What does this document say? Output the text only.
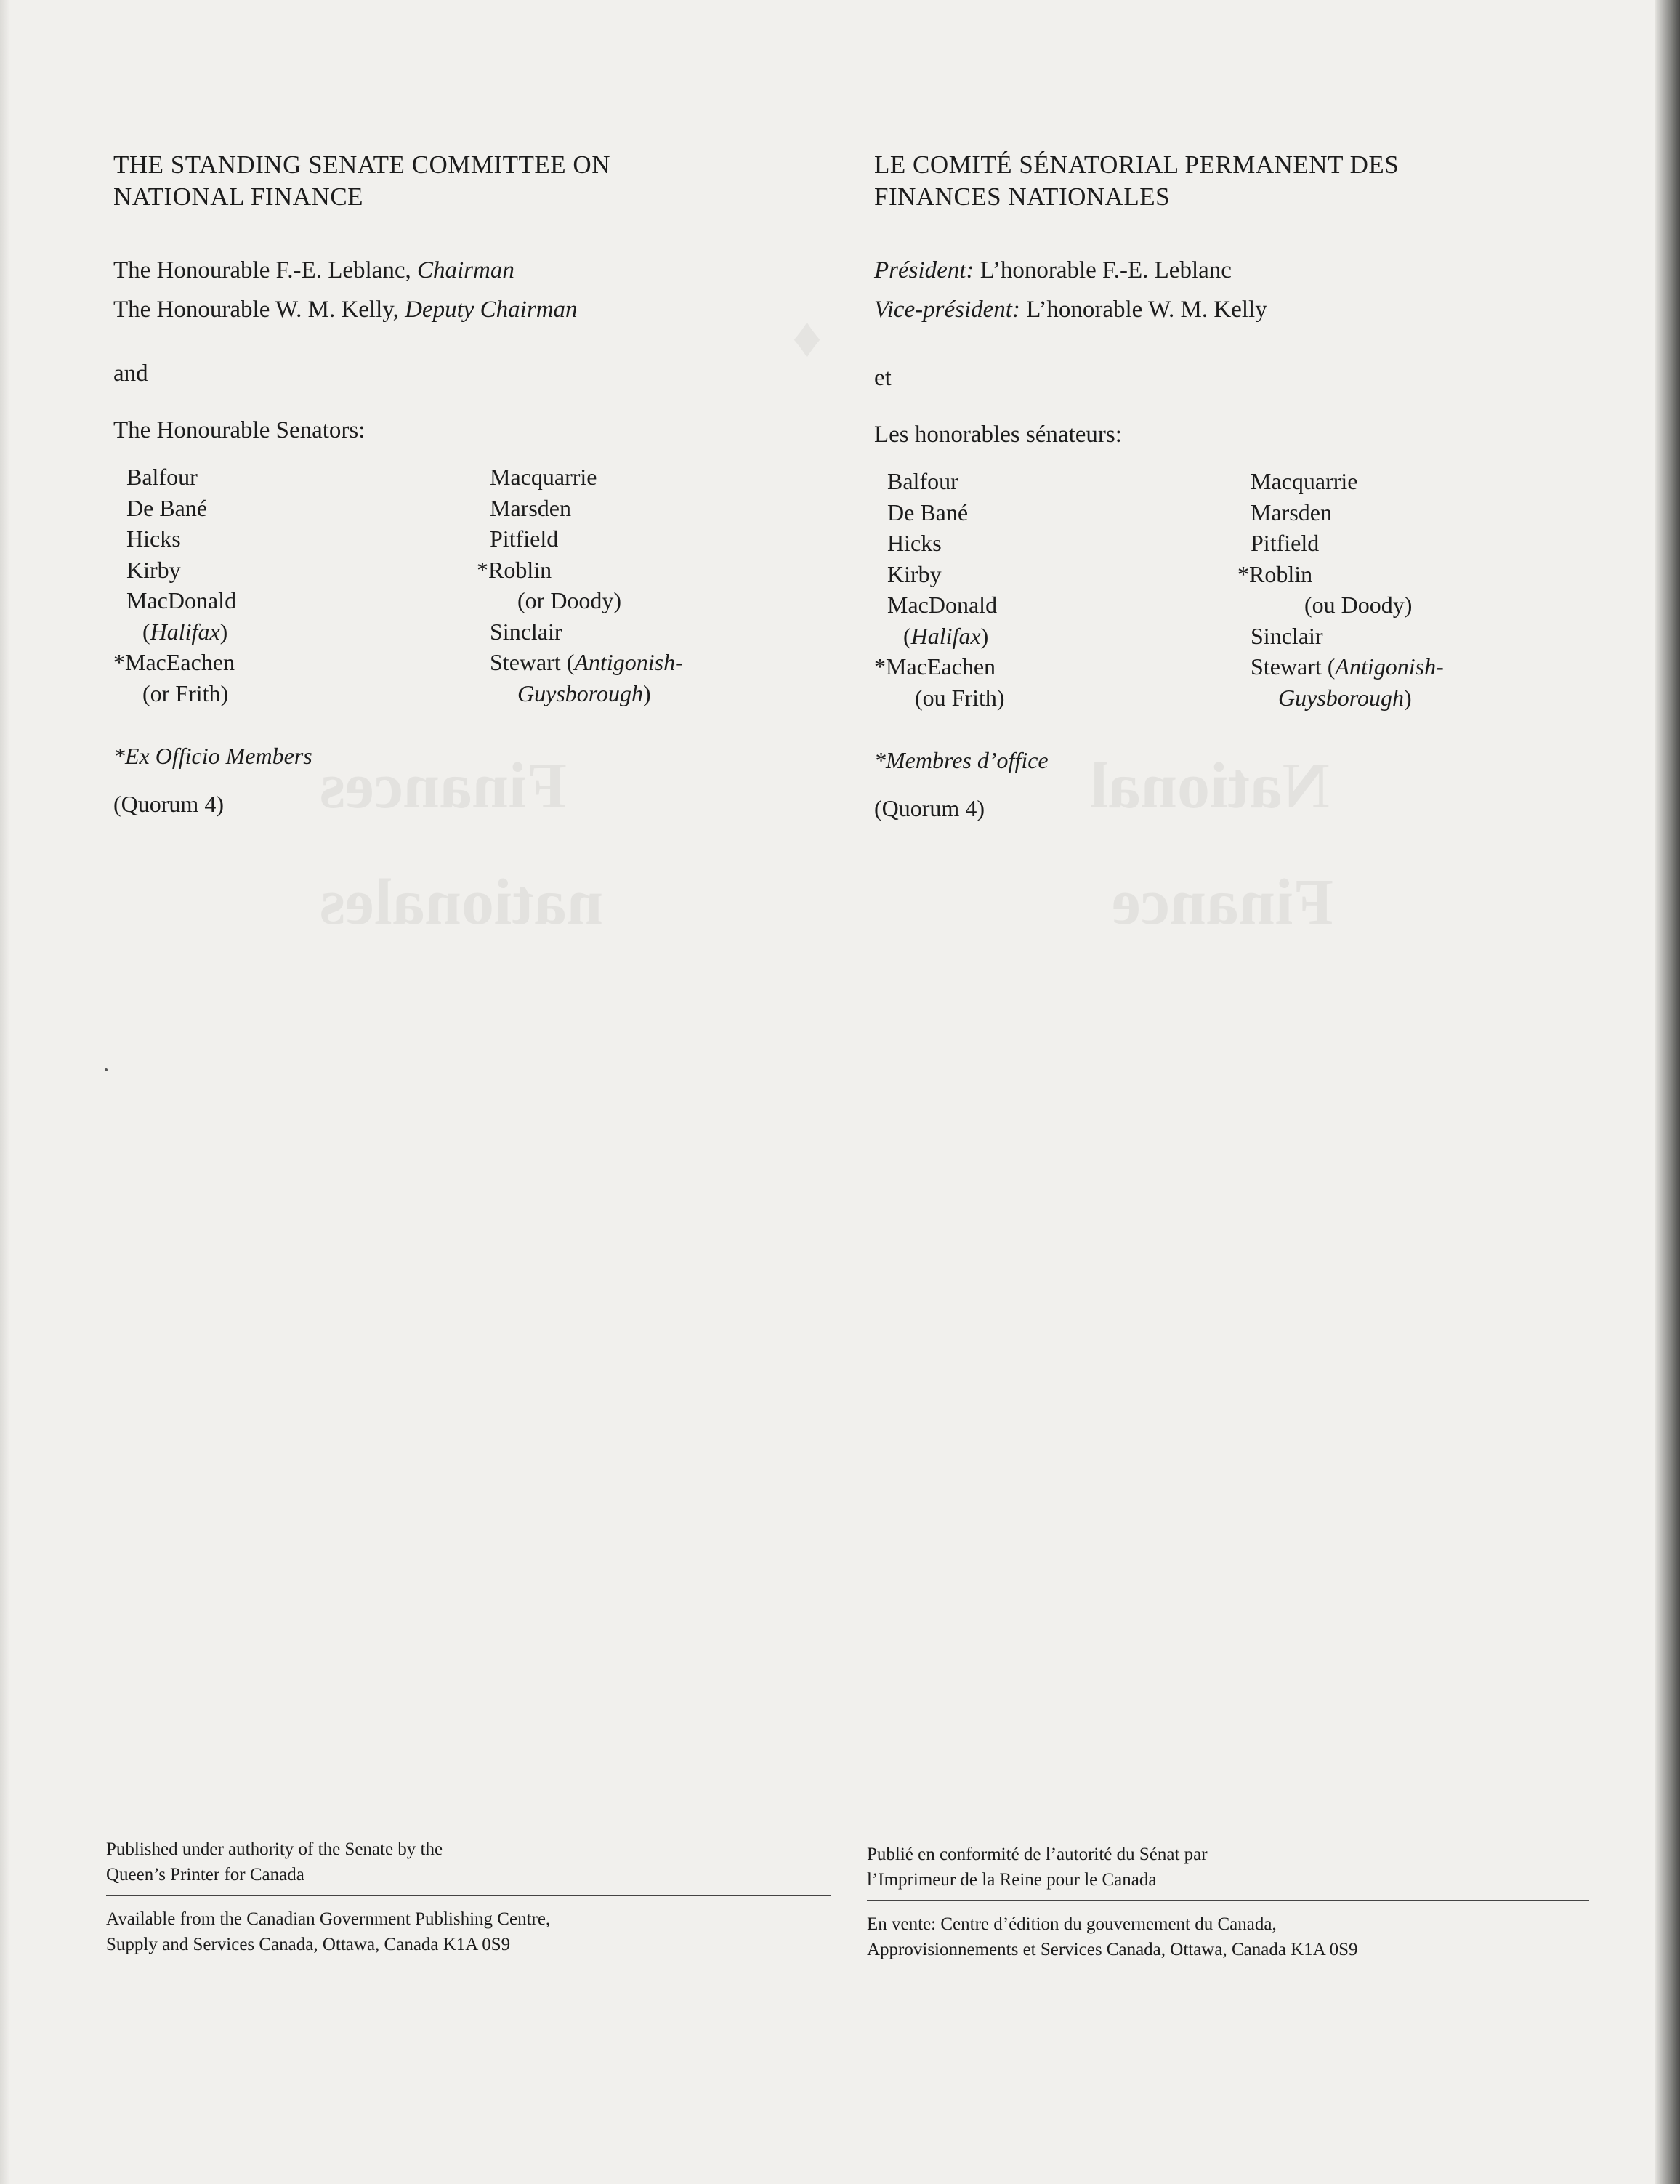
National
Finance
Finances
nationales
♦
THE STANDING SENATE COMMITTEE ON
NATIONAL FINANCE
The Honourable F.-E. Leblanc, Chairman
The Honourable W. M. Kelly, Deputy Chairman
and
The Honourable Senators:
Balfour
De Bané
Hicks
Kirby
MacDonald
(Halifax)
*MacEachen
(or Frith)
Macquarrie
Marsden
Pitfield
*Roblin
(or Doody)
Sinclair
Stewart (Antigonish-
Guysborough)
*Ex Officio Members
(Quorum 4)
LE COMITÉ SÉNATORIAL PERMANENT DES
FINANCES NATIONALES
Président: L’honorable F.-E. Leblanc
Vice-président: L’honorable W. M. Kelly
et
Les honorables sénateurs:
Balfour
De Bané
Hicks
Kirby
MacDonald
(Halifax)
*MacEachen
(ou Frith)
Macquarrie
Marsden
Pitfield
*Roblin
(ou Doody)
Sinclair
Stewart (Antigonish-
Guysborough)
*Membres d’office
(Quorum 4)
Published under authority of the Senate by the
Queen’s Printer for Canada
Available from the Canadian Government Publishing Centre,
Supply and Services Canada, Ottawa, Canada K1A 0S9
Publié en conformité de l’autorité du Sénat par
l’Imprimeur de la Reine pour le Canada
En vente: Centre d’édition du gouvernement du Canada,
Approvisionnements et Services Canada, Ottawa, Canada K1A 0S9
